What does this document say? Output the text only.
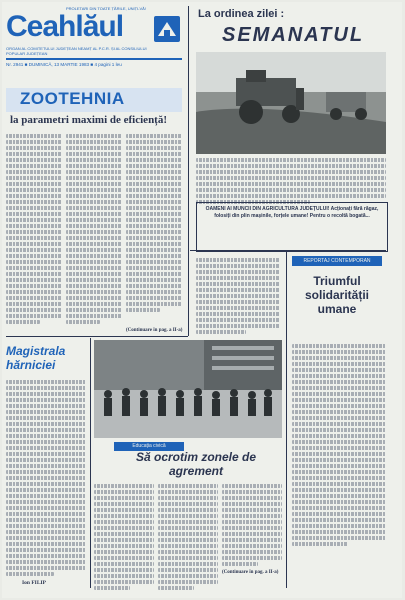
PROLETARI DIN TOATE ȚĂRILE, UNIȚI-VĂ!
Ceahlăul
ORGAN AL COMITETULUI JUDEȚEAN NEAMȚ AL P.C.R. ȘI AL CONSILIULUI POPULAR JUDEȚEAN
Nr. 2941 ■ DUMINICĂ, 13 MARTIE 1983 ■ 4 pagini 1 leu
La ordinea zilei :
SEMANATUL
OAMENI AI MUNCII DIN AGRICULTURA JUDEȚULUI! Acționați fără răgaz, folosiți din plin mașinile, forțele umane! Pentru o recoltă bogată...
ZOOTEHNIA
la parametri maximi de eficiență!
(Continuare în pag. a II-a)
REPORTAJ CONTEMPORAN
Triumful solidarității umane
Magistrala hărniciei
Ion FILIP
Educația civică
Să ocrotim zonele de agrement
(Continuare în pag. a II-a)
